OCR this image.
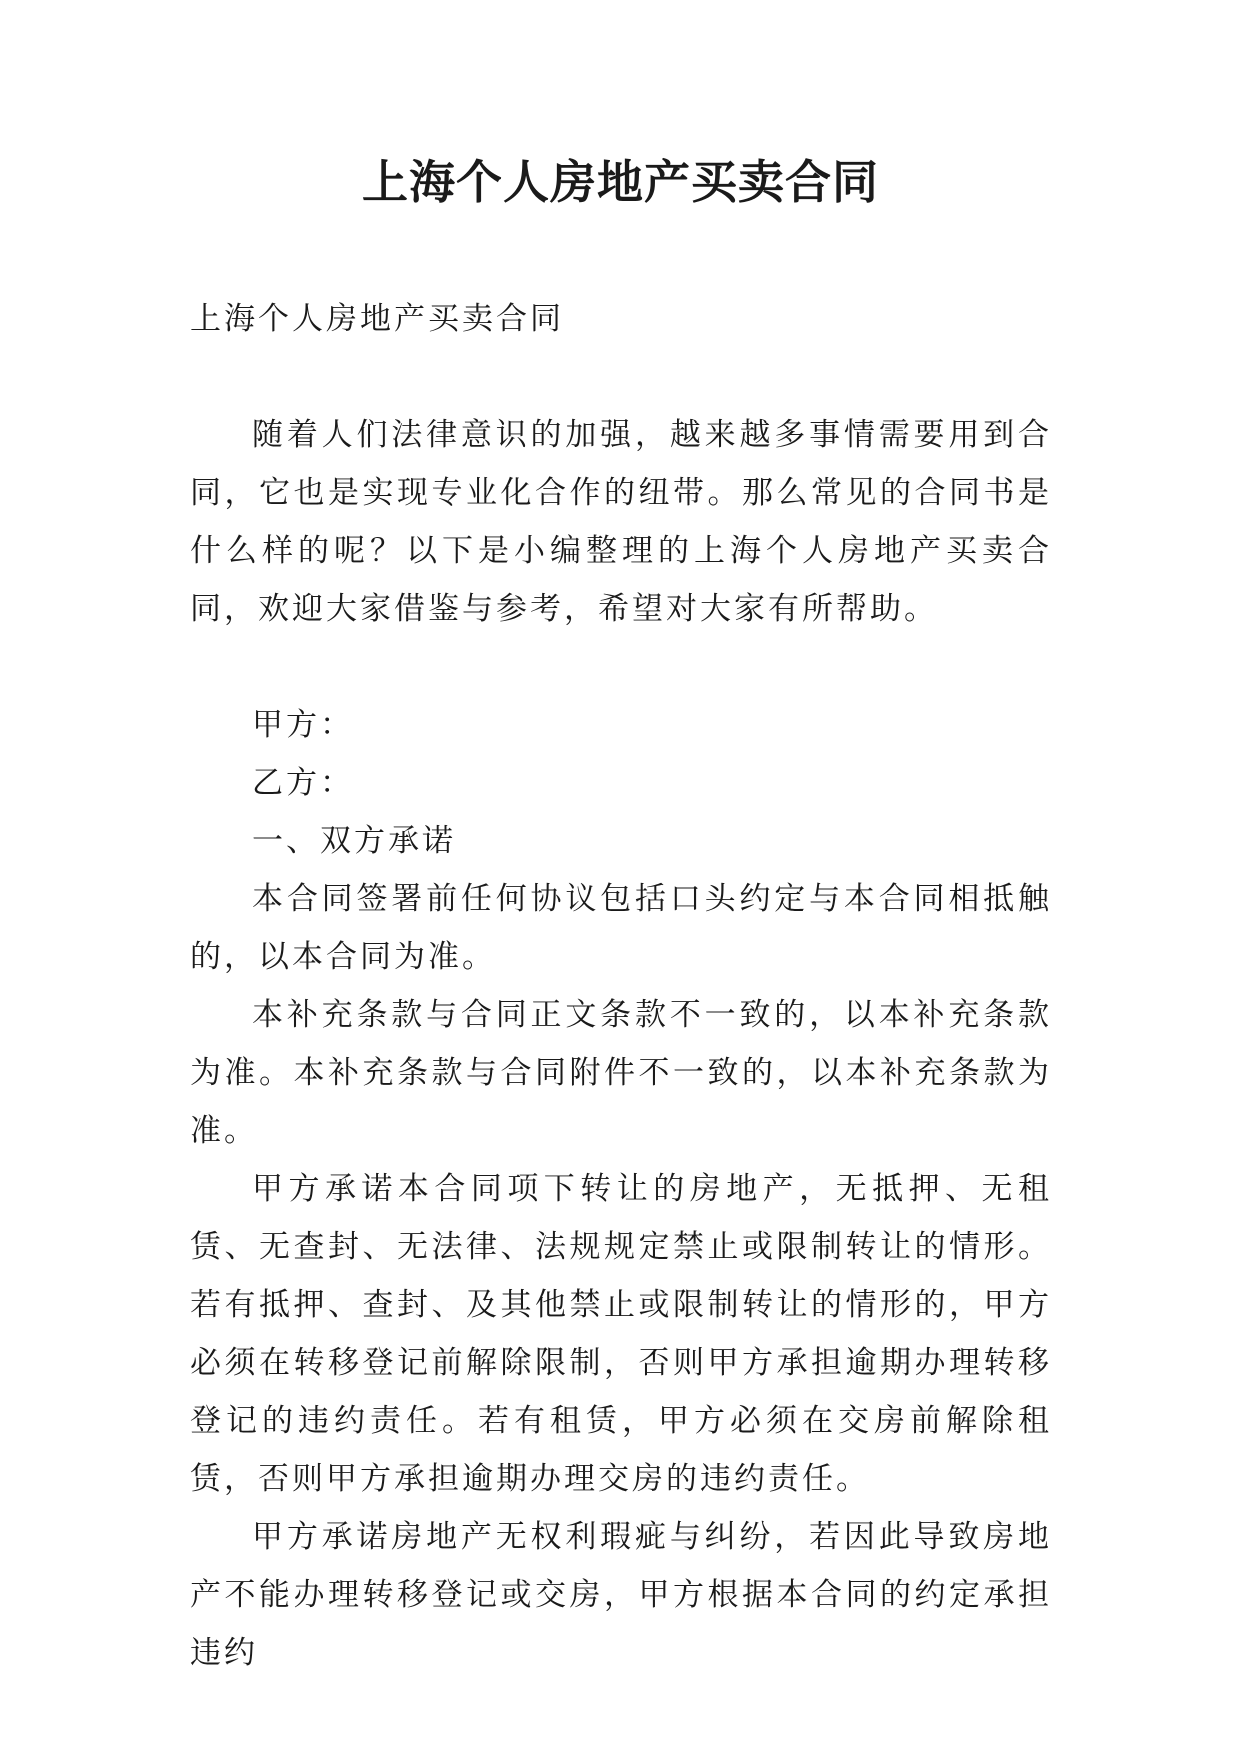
上海个人房地产买卖合同

上海个人房地产买卖合同

随着人们法律意识的加强，越来越多事情需要用到合同，它也是实现专业化合作的纽带。那么常见的合同书是什么样的呢？以下是小编整理的上海个人房地产买卖合同，欢迎大家借鉴与参考，希望对大家有所帮助。

甲方：

乙方：

一、双方承诺

本合同签署前任何协议包括口头约定与本合同相抵触的，以本合同为准。

本补充条款与合同正文条款不一致的，以本补充条款为准。本补充条款与合同附件不一致的，以本补充条款为准。

甲方承诺本合同项下转让的房地产，无抵押、无租赁、无查封、无法律、法规规定禁止或限制转让的情形。若有抵押、查封、及其他禁止或限制转让的情形的，甲方必须在转移登记前解除限制，否则甲方承担逾期办理转移登记的违约责任。若有租赁，甲方必须在交房前解除租赁，否则甲方承担逾期办理交房的违约责任。

甲方承诺房地产无权利瑕疵与纠纷，若因此导致房地产不能办理转移登记或交房，甲方根据本合同的约定承担违约
